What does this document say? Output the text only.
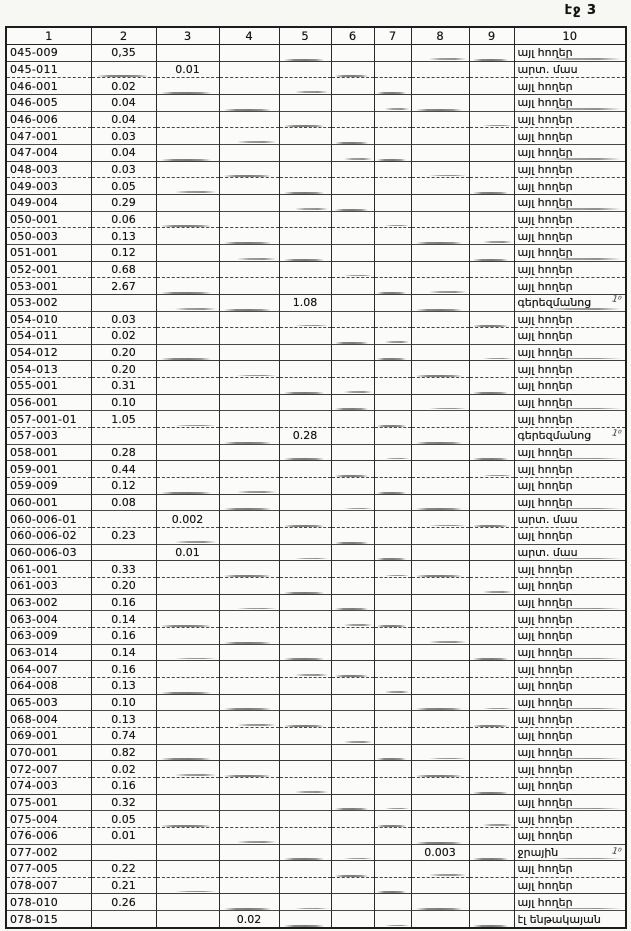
էջ 3
1	2	3	4	5	6	7	8	9	10
045-009	0,35								այլ հողեր
045-011		0.01							արտ. մաս
046-001	0.02								այլ հողեր
046-005	0.04								այլ հողեր
046-006	0.04								այլ հողեր
047-001	0.03								այլ հողեր
047-004	0.04								այլ հողեր
048-003	0.03								այլ հողեր
049-003	0.05								այլ հողեր
049-004	0.29								այլ հողեր
050-001	0.06								այլ հողեր
050-003	0.13								այլ հողեր
051-001	0.12								այլ հողեր
052-001	0.68								այլ հողեր
053-001	2.67								այլ հողեր
053-002				1.08					գերեզմանոց
054-010	0.03								այլ հողեր
054-011	0.02								այլ հողեր
054-012	0.20								այլ հողեր
054-013	0.20								այլ հողեր
055-001	0.31								այլ հողեր
056-001	0.10								այլ հողեր
057-001-01	1.05								այլ հողեր
057-003				0.28					գերեզմանոց
058-001	0.28								այլ հողեր
059-001	0.44								այլ հողեր
059-009	0.12								այլ հողեր
060-001	0.08								այլ հողեր
060-006-01		0.002							արտ. մաս
060-006-02	0.23								այլ հողեր
060-006-03		0.01							արտ. մաս
061-001	0.33								այլ հողեր
061-003	0.20								այլ հողեր
063-002	0.16								այլ հողեր
063-004	0.14								այլ հողեր
063-009	0.16								այլ հողեր
063-014	0.14								այլ հողեր
064-007	0.16								այլ հողեր
064-008	0.13								այլ հողեր
065-003	0.10								այլ հողեր
068-004	0.13								այլ հողեր
069-001	0.74								այլ հողեր
070-001	0.82								այլ հողեր
072-007	0.02								այլ հողեր
074-003	0.16								այլ հողեր
075-001	0.32								այլ հողեր
075-004	0.05								այլ հողեր
076-006	0.01								այլ հողեր
077-002							0.003		ջրային
077-005	0.22								այլ հողեր
078-007	0.21								այլ հողեր
078-010	0.26								այլ հողեր
078-015			0.02						էլ ենթակայան
1⁰
1⁰
1⁰
